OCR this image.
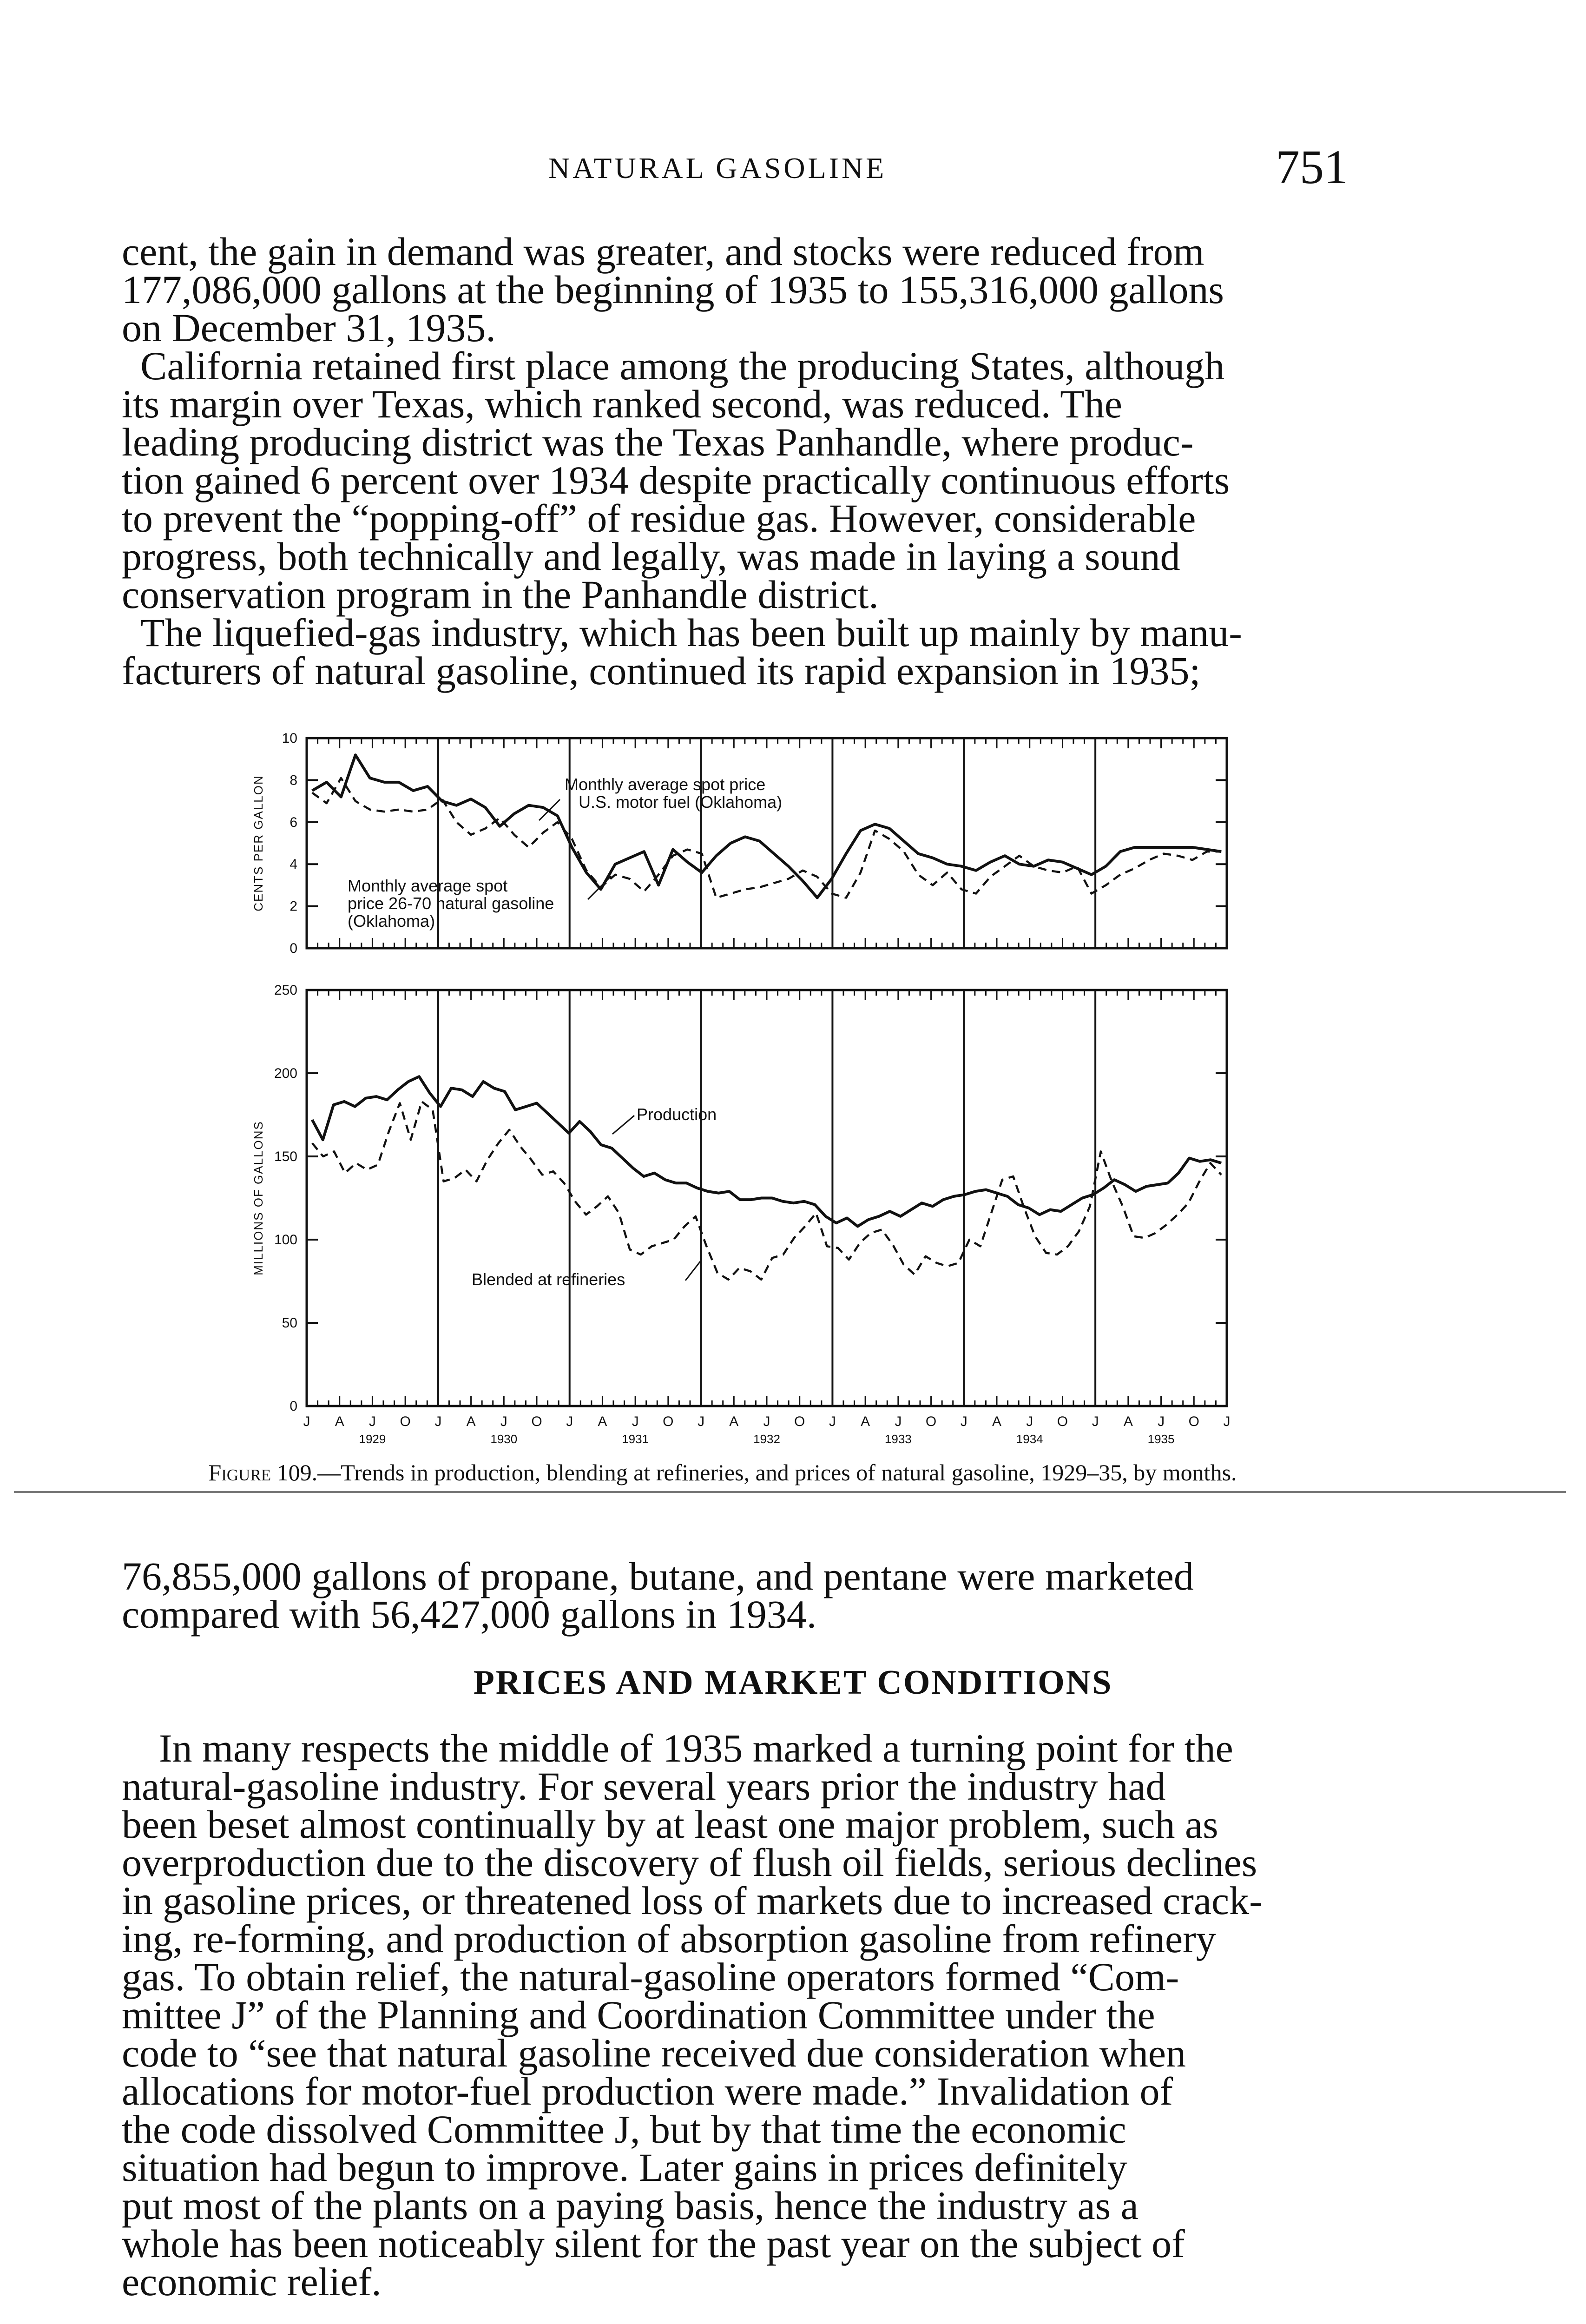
NATURAL GASOLINE	751
cent, the gain in demand was greater, and stocks were reduced from
177,086,000 gallons at the beginning of 1935 to 155,316,000 gallons
on December 31, 1935.
California retained first place among the producing States, although
its margin over Texas, which ranked second, was reduced. The
leading producing district was the Texas Panhandle, where produc-
tion gained 6 percent over 1934 despite practically continuous efforts
to prevent the “popping-off” of residue gas. However, considerable
progress, both technically and legally, was made in laying a sound
conservation program in the Panhandle district.
The liquefied-gas industry, which has been built up mainly by manu-
facturers of natural gasoline, continued its rapid expansion in 1935;
0
2
4
6
8
10
CENTS PER GALLON	Monthly average spot price
U.S. motor fuel (Oklahoma)
Monthly average spot
price 26-70 natural gasoline
(Oklahoma)
0
50
100
150
200
250
MILLIONS OF GALLONS
Production
Blended at refineries
J A J O J A J O J A J O J A J O J A J O J A J O J A J O J
1929	1930	1931	1932	1933	1934	1935
Figure 109.—Trends in production, blending at refineries, and prices of natural gasoline, 1929–35, by months.
76,855,000 gallons of propane, butane, and pentane were marketed
compared with 56,427,000 gallons in 1934.
PRICES AND MARKET CONDITIONS
In many respects the middle of 1935 marked a turning point for the
natural-gasoline industry. For several years prior the industry had
been beset almost continually by at least one major problem, such as
overproduction due to the discovery of flush oil fields, serious declines
in gasoline prices, or threatened loss of markets due to increased crack-
ing, re-forming, and production of absorption gasoline from refinery
gas. To obtain relief, the natural-gasoline operators formed “Com-
mittee J” of the Planning and Coordination Committee under the
code to “see that natural gasoline received due consideration when
allocations for motor-fuel production were made.” Invalidation of
the code dissolved Committee J, but by that time the economic
situation had begun to improve. Later gains in prices definitely
put most of the plants on a paying basis, hence the industry as a
whole has been noticeably silent for the past year on the subject of
economic relief.
